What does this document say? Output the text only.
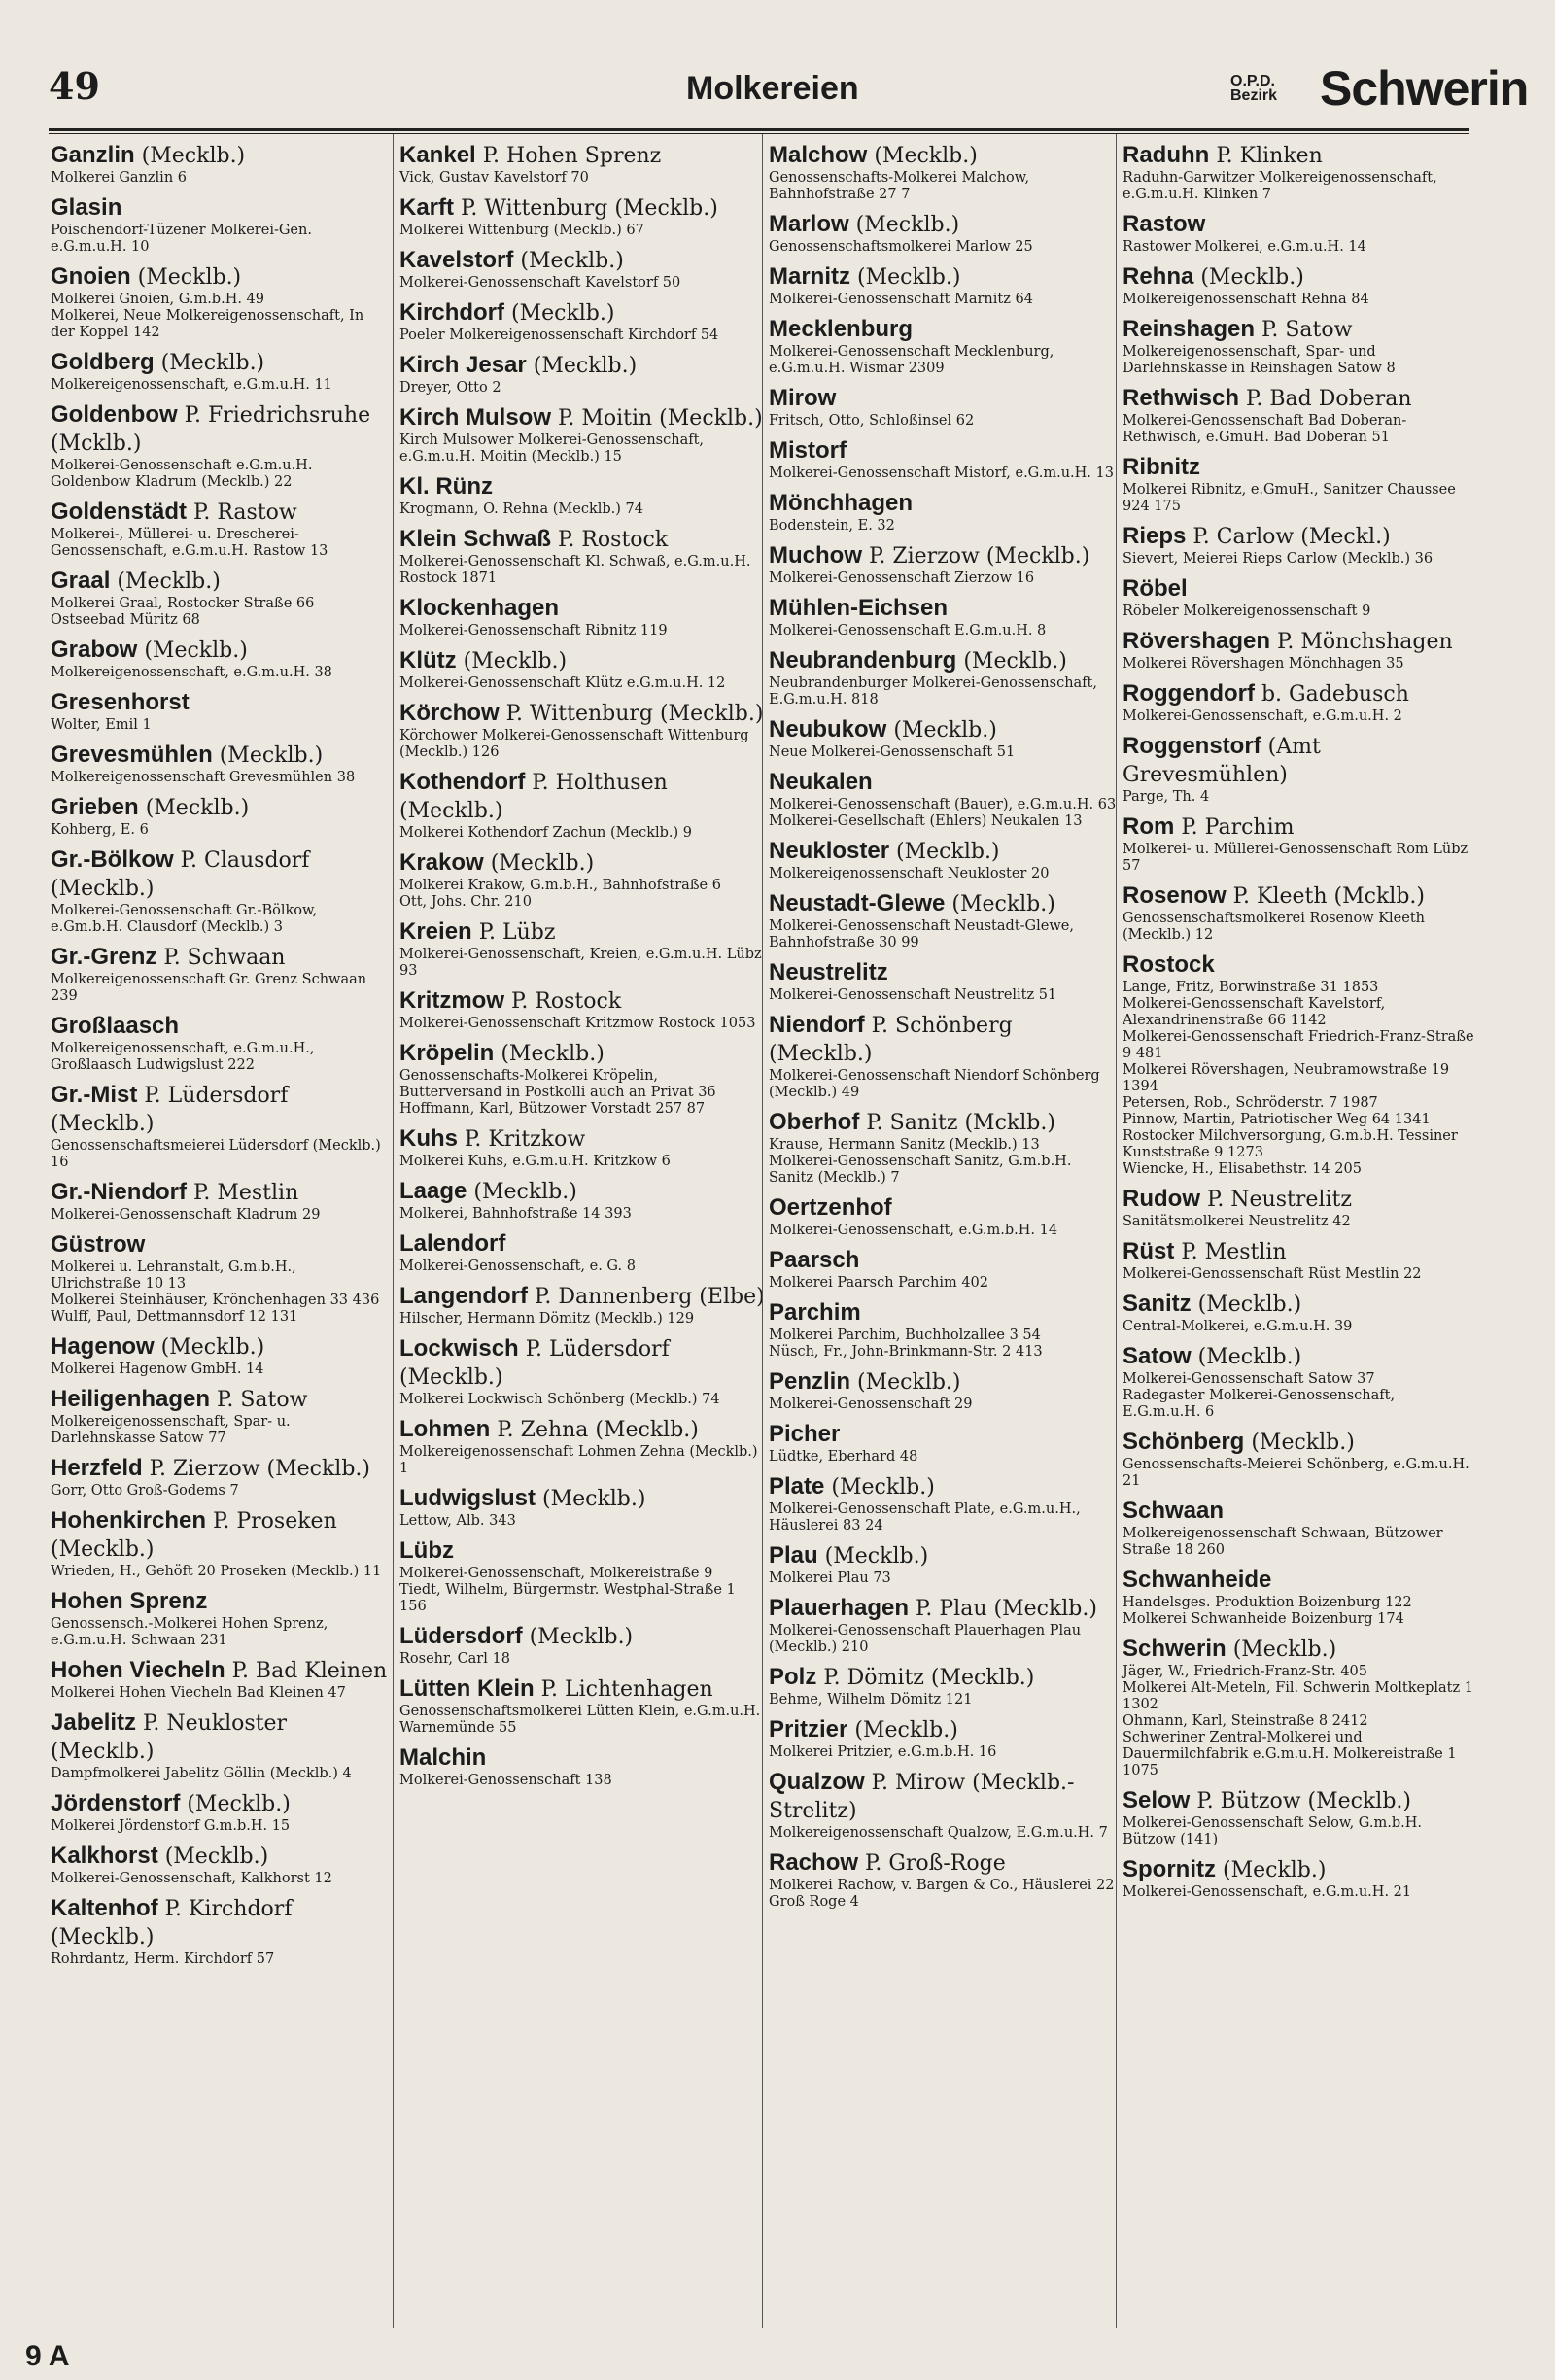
49	Molkereien	O.P.D.
Bezirk Schwerin
Ganzlin (Mecklb.)
Molkerei Ganzlin 6
Glasin
Poischendorf-Tüzener Molkerei-Gen. e.G.m.u.H. 10
Gnoien (Mecklb.)
Molkerei Gnoien, G.m.b.H. 49
Molkerei, Neue Molkereigenossenschaft, In der Koppel 142
Goldberg (Mecklb.)
Molkereigenossenschaft, e.G.m.u.H. 11
Goldenbow P. Friedrichsruhe (Mcklb.)
Molkerei-Genossenschaft e.G.m.u.H. Goldenbow Kladrum (Mecklb.) 22
Goldenstädt P. Rastow
Molkerei-, Müllerei- u. Drescherei-Genossenschaft, e.G.m.u.H. Rastow 13
Graal (Mecklb.)
Molkerei Graal, Rostocker Straße 66 Ostseebad Müritz 68
Grabow (Mecklb.)
Molkereigenossenschaft, e.G.m.u.H. 38
Gresenhorst
Wolter, Emil 1
Grevesmühlen (Mecklb.)
Molkereigenossenschaft Grevesmühlen 38
Grieben (Mecklb.)
Kohberg, E. 6
Gr.-Bölkow P. Clausdorf (Mecklb.)
Molkerei-Genossenschaft Gr.-Bölkow, e.Gm.b.H. Clausdorf (Mecklb.) 3
Gr.-Grenz P. Schwaan
Molkereigenossenschaft Gr. Grenz Schwaan 239
Großlaasch
Molkereigenossenschaft, e.G.m.u.H., Großlaasch Ludwigslust 222
Gr.-Mist P. Lüdersdorf (Mecklb.)
Genossenschaftsmeierei Lüdersdorf (Mecklb.) 16
Gr.-Niendorf P. Mestlin
Molkerei-Genossenschaft Kladrum 29
Güstrow
Molkerei u. Lehranstalt, G.m.b.H., Ulrichstraße 10 13
Molkerei Steinhäuser, Krönchenhagen 33 436
Wulff, Paul, Dettmannsdorf 12 131
Hagenow (Mecklb.)
Molkerei Hagenow GmbH. 14
Heiligenhagen P. Satow
Molkereigenossenschaft, Spar- u. Darlehnskasse Satow 77
Herzfeld P. Zierzow (Mecklb.)
Gorr, Otto Groß-Godems 7
Hohenkirchen P. Proseken (Mecklb.)
Wrieden, H., Gehöft 20 Proseken (Mecklb.) 11
Hohen Sprenz
Genossensch.-Molkerei Hohen Sprenz, e.G.m.u.H. Schwaan 231
Hohen Viecheln P. Bad Kleinen
Molkerei Hohen Viecheln Bad Kleinen 47
Jabelitz P. Neukloster (Mecklb.)
Dampfmolkerei Jabelitz Göllin (Mecklb.) 4
Jördenstorf (Mecklb.)
Molkerei Jördenstorf G.m.b.H. 15
Kalkhorst (Mecklb.)
Molkerei-Genossenschaft, Kalkhorst 12
Kaltenhof P. Kirchdorf (Mecklb.)
Rohrdantz, Herm. Kirchdorf 57
Kankel P. Hohen Sprenz
Vick, Gustav Kavelstorf 70
Karft P. Wittenburg (Mecklb.)
Molkerei Wittenburg (Mecklb.) 67
Kavelstorf (Mecklb.)
Molkerei-Genossenschaft Kavelstorf 50
Kirchdorf (Mecklb.)
Poeler Molkereigenossenschaft Kirchdorf 54
Kirch Jesar (Mecklb.)
Dreyer, Otto 2
Kirch Mulsow P. Moitin (Mecklb.)
Kirch Mulsower Molkerei-Genossenschaft, e.G.m.u.H. Moitin (Mecklb.) 15
Kl. Rünz
Krogmann, O. Rehna (Mecklb.) 74
Klein Schwaß P. Rostock
Molkerei-Genossenschaft Kl. Schwaß, e.G.m.u.H. Rostock 1871
Klockenhagen
Molkerei-Genossenschaft Ribnitz 119
Klütz (Mecklb.)
Molkerei-Genossenschaft Klütz e.G.m.u.H. 12
Körchow P. Wittenburg (Mecklb.)
Körchower Molkerei-Genossenschaft Wittenburg (Mecklb.) 126
Kothendorf P. Holthusen (Mecklb.)
Molkerei Kothendorf Zachun (Mecklb.) 9
Krakow (Mecklb.)
Molkerei Krakow, G.m.b.H., Bahnhofstraße 6
Ott, Johs. Chr. 210
Kreien P. Lübz
Molkerei-Genossenschaft, Kreien, e.G.m.u.H. Lübz 93
Kritzmow P. Rostock
Molkerei-Genossenschaft Kritzmow Rostock 1053
Kröpelin (Mecklb.)
Genossenschafts-Molkerei Kröpelin, Butterversand in Postkolli auch an Privat 36
Hoffmann, Karl, Bützower Vorstadt 257 87
Kuhs P. Kritzkow
Molkerei Kuhs, e.G.m.u.H. Kritzkow 6
Laage (Mecklb.)
Molkerei, Bahnhofstraße 14 393
Lalendorf
Molkerei-Genossenschaft, e. G. 8
Langendorf P. Dannenberg (Elbe)
Hilscher, Hermann Dömitz (Mecklb.) 129
Lockwisch P. Lüdersdorf (Mecklb.)
Molkerei Lockwisch Schönberg (Mecklb.) 74
Lohmen P. Zehna (Mecklb.)
Molkereigenossenschaft Lohmen Zehna (Mecklb.) 1
Ludwigslust (Mecklb.)
Lettow, Alb. 343
Lübz
Molkerei-Genossenschaft, Molkereistraße 9
Tiedt, Wilhelm, Bürgermstr. Westphal-Straße 1 156
Lüdersdorf (Mecklb.)
Rosehr, Carl 18
Lütten Klein P. Lichtenhagen
Genossenschaftsmolkerei Lütten Klein, e.G.m.u.H. Warnemünde 55
Malchin
Molkerei-Genossenschaft 138
Malchow (Mecklb.)
Genossenschafts-Molkerei Malchow, Bahnhofstraße 27 7
Marlow (Mecklb.)
Genossenschaftsmolkerei Marlow 25
Marnitz (Mecklb.)
Molkerei-Genossenschaft Marnitz 64
Mecklenburg
Molkerei-Genossenschaft Mecklenburg, e.G.m.u.H. Wismar 2309
Mirow
Fritsch, Otto, Schloßinsel 62
Mistorf
Molkerei-Genossenschaft Mistorf, e.G.m.u.H. 13
Mönchhagen
Bodenstein, E. 32
Muchow P. Zierzow (Mecklb.)
Molkerei-Genossenschaft Zierzow 16
Mühlen-Eichsen
Molkerei-Genossenschaft E.G.m.u.H. 8
Neubrandenburg (Mecklb.)
Neubrandenburger Molkerei-Genossenschaft, E.G.m.u.H. 818
Neubukow (Mecklb.)
Neue Molkerei-Genossenschaft 51
Neukalen
Molkerei-Genossenschaft (Bauer), e.G.m.u.H. 63
Molkerei-Gesellschaft (Ehlers) Neukalen 13
Neukloster (Mecklb.)
Molkereigenossenschaft Neukloster 20
Neustadt-Glewe (Mecklb.)
Molkerei-Genossenschaft Neustadt-Glewe, Bahnhofstraße 30 99
Neustrelitz
Molkerei-Genossenschaft Neustrelitz 51
Niendorf P. Schönberg (Mecklb.)
Molkerei-Genossenschaft Niendorf Schönberg (Mecklb.) 49
Oberhof P. Sanitz (Mcklb.)
Krause, Hermann Sanitz (Mecklb.) 13
Molkerei-Genossenschaft Sanitz, G.m.b.H. Sanitz (Mecklb.) 7
Oertzenhof
Molkerei-Genossenschaft, e.G.m.b.H. 14
Paarsch
Molkerei Paarsch Parchim 402
Parchim
Molkerei Parchim, Buchholzallee 3 54
Nüsch, Fr., John-Brinkmann-Str. 2 413
Penzlin (Mecklb.)
Molkerei-Genossenschaft 29
Picher
Lüdtke, Eberhard 48
Plate (Mecklb.)
Molkerei-Genossenschaft Plate, e.G.m.u.H., Häuslerei 83 24
Plau (Mecklb.)
Molkerei Plau 73
Plauerhagen P. Plau (Mecklb.)
Molkerei-Genossenschaft Plauerhagen Plau (Mecklb.) 210
Polz P. Dömitz (Mecklb.)
Behme, Wilhelm Dömitz 121
Pritzier (Mecklb.)
Molkerei Pritzier, e.G.m.b.H. 16
Qualzow P. Mirow (Mecklb.-Strelitz)
Molkereigenossenschaft Qualzow, E.G.m.u.H. 7
Rachow P. Groß-Roge
Molkerei Rachow, v. Bargen & Co., Häuslerei 22 Groß Roge 4
Raduhn P. Klinken
Raduhn-Garwitzer Molkereigenossenschaft, e.G.m.u.H. Klinken 7
Rastow
Rastower Molkerei, e.G.m.u.H. 14
Rehna (Mecklb.)
Molkereigenossenschaft Rehna 84
Reinshagen P. Satow
Molkereigenossenschaft, Spar- und Darlehnskasse in Reinshagen Satow 8
Rethwisch P. Bad Doberan
Molkerei-Genossenschaft Bad Doberan-Rethwisch, e.GmuH. Bad Doberan 51
Ribnitz
Molkerei Ribnitz, e.GmuH., Sanitzer Chaussee 924 175
Rieps P. Carlow (Meckl.)
Sievert, Meierei Rieps Carlow (Mecklb.) 36
Röbel
Röbeler Molkereigenossenschaft 9
Rövershagen P. Mönchshagen
Molkerei Rövershagen Mönchhagen 35
Roggendorf b. Gadebusch
Molkerei-Genossenschaft, e.G.m.u.H. 2
Roggenstorf (Amt Grevesmühlen)
Parge, Th. 4
Rom P. Parchim
Molkerei- u. Müllerei-Genossenschaft Rom Lübz 57
Rosenow P. Kleeth (Mcklb.)
Genossenschaftsmolkerei Rosenow Kleeth (Mecklb.) 12
Rostock
Lange, Fritz, Borwinstraße 31 1853
Molkerei-Genossenschaft Kavelstorf, Alexandrinenstraße 66 1142
Molkerei-Genossenschaft Friedrich-Franz-Straße 9 481
Molkerei Rövershagen, Neubramowstraße 19 1394
Petersen, Rob., Schröderstr. 7 1987
Pinnow, Martin, Patriotischer Weg 64 1341
Rostocker Milchversorgung, G.m.b.H. Tessiner Kunststraße 9 1273
Wiencke, H., Elisabethstr. 14 205
Rudow P. Neustrelitz
Sanitätsmolkerei Neustrelitz 42
Rüst P. Mestlin
Molkerei-Genossenschaft Rüst Mestlin 22
Sanitz (Mecklb.)
Central-Molkerei, e.G.m.u.H. 39
Satow (Mecklb.)
Molkerei-Genossenschaft Satow 37
Radegaster Molkerei-Genossenschaft, E.G.m.u.H. 6
Schönberg (Mecklb.)
Genossenschafts-Meierei Schönberg, e.G.m.u.H. 21
Schwaan
Molkereigenossenschaft Schwaan, Bützower Straße 18 260
Schwanheide
Handelsges. Produktion Boizenburg 122
Molkerei Schwanheide Boizenburg 174
Schwerin (Mecklb.)
Jäger, W., Friedrich-Franz-Str. 405
Molkerei Alt-Meteln, Fil. Schwerin Moltkeplatz 1 1302
Ohmann, Karl, Steinstraße 8 2412
Schweriner Zentral-Molkerei und Dauermilchfabrik e.G.m.u.H. Molkereistraße 1 1075
Selow P. Bützow (Mecklb.)
Molkerei-Genossenschaft Selow, G.m.b.H. Bützow (141)
Spornitz (Mecklb.)
Molkerei-Genossenschaft, e.G.m.u.H. 21
9 A
